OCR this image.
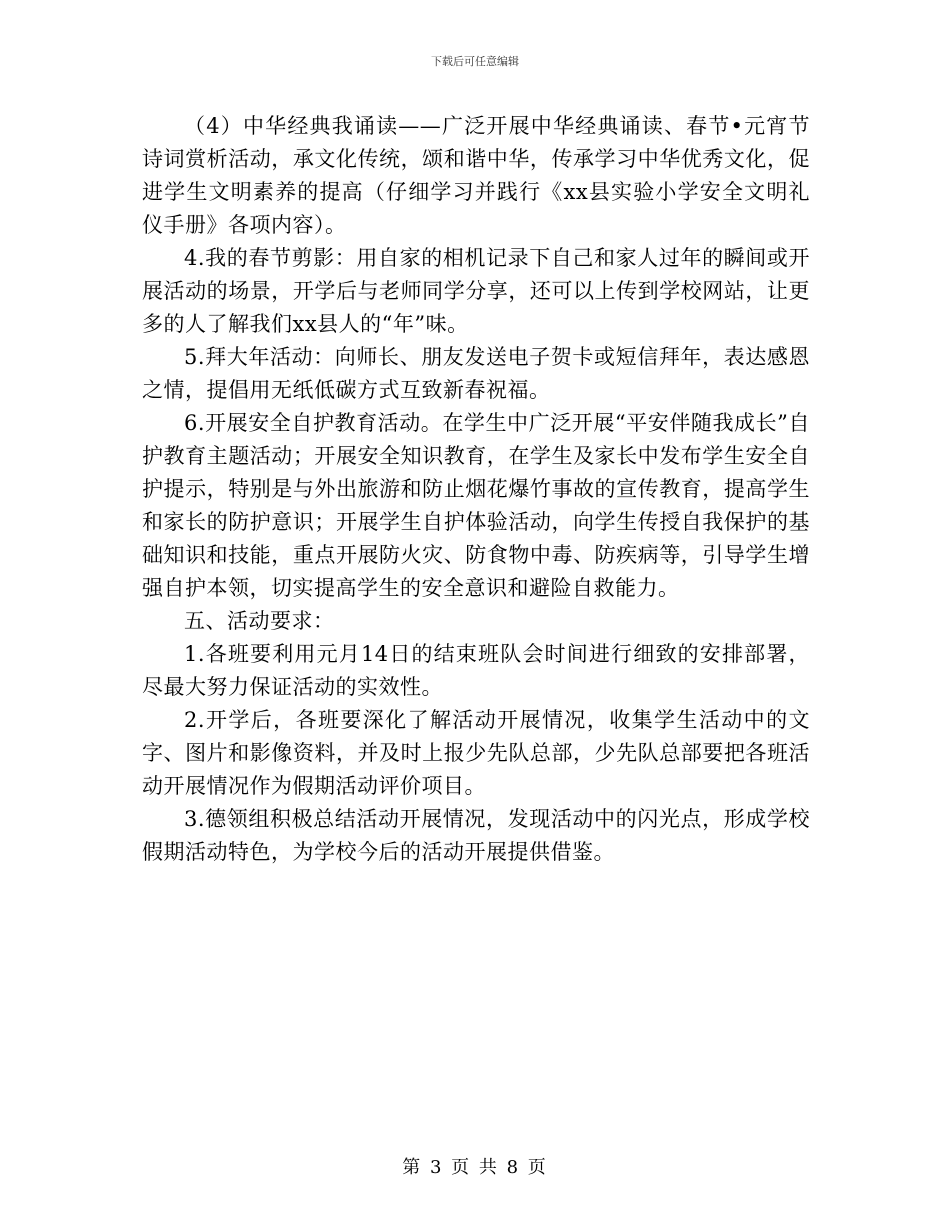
下载后可任意编辑

（4）中华经典我诵读——广泛开展中华经典诵读、春节•元宵节诗词赏析活动，承文化传统，颂和谐中华，传承学习中华优秀文化，促进学生文明素养的提高（仔细学习并践行《xx县实验小学安全文明礼仪手册》各项内容）。

4.我的春节剪影：用自家的相机记录下自己和家人过年的瞬间或开展活动的场景，开学后与老师同学分享，还可以上传到学校网站，让更多的人了解我们xx县人的“年”味。

5.拜大年活动：向师长、朋友发送电子贺卡或短信拜年，表达感恩之情，提倡用无纸低碳方式互致新春祝福。

6.开展安全自护教育活动。在学生中广泛开展“平安伴随我成长”自护教育主题活动；开展安全知识教育，在学生及家长中发布学生安全自护提示，特别是与外出旅游和防止烟花爆竹事故的宣传教育，提高学生和家长的防护意识；开展学生自护体验活动，向学生传授自我保护的基础知识和技能，重点开展防火灾、防食物中毒、防疾病等，引导学生增强自护本领，切实提高学生的安全意识和避险自救能力。

五、活动要求：

1.各班要利用元月14日的结束班队会时间进行细致的安排部署，尽最大努力保证活动的实效性。

2.开学后，各班要深化了解活动开展情况，收集学生活动中的文字、图片和影像资料，并及时上报少先队总部，少先队总部要把各班活动开展情况作为假期活动评价项目。

3.德领组积极总结活动开展情况，发现活动中的闪光点，形成学校假期活动特色，为学校今后的活动开展提供借鉴。

第 3 页 共 8 页
